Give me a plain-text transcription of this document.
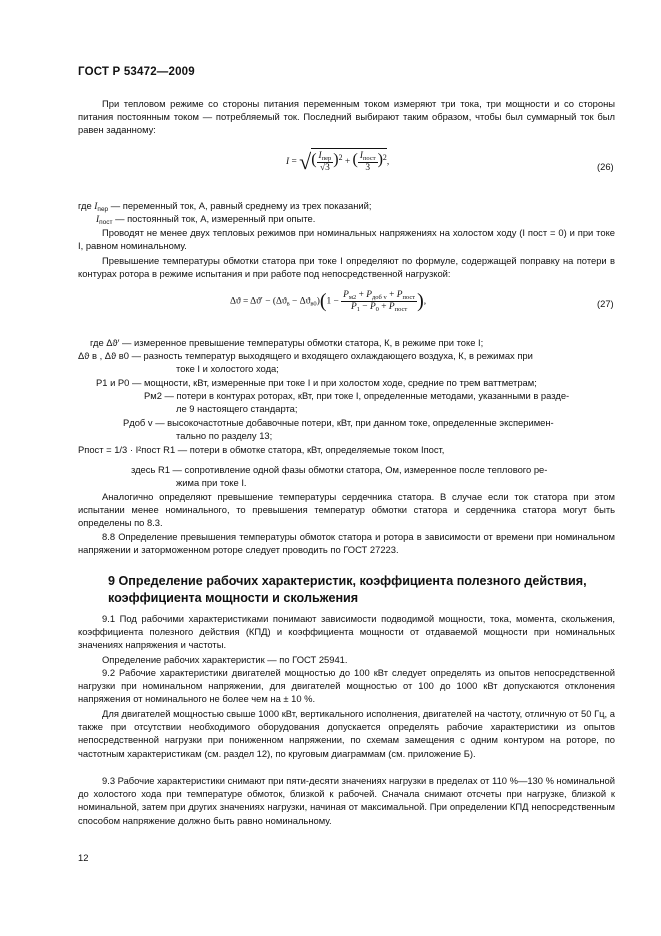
ГОСТ Р 53472—2009
При тепловом режиме со стороны питания переменным током измеряют три тока, три мощности и со стороны питания постоянным током — потребляемый ток. Последний выбирают таким образом, чтобы был суммарный ток был равен заданному:
I = √( $\frac{I_{пер}}{√3} )^2$ + ( $\frac{I_{пост}}{3} )^2$,	(26)
где $I_{пер}$ — переменный ток, А, равный среднему из трех показаний;
$I_{пост}$ — постоянный ток, А, измеренный при опыте.
Проводят не менее двух тепловых режимов при номинальных напряжениях на холостом ходу (I пост = 0) и при токе I, равном номинальному.
Превышение температуры обмотки статора при токе I определяют по формуле, содержащей поправку на потери в контурах ротора в режиме испытания и при работе под непосредственной нагрузкой:
$\Delta ϑ = \Delta ϑ' - (\Delta ϑ_в - \Delta ϑ_{в0})(1 - \frac{P_{м2} + P_{доб v} + P_{пост}}{P_1 - P_0 + P_{пост}}$ ),	(27)
где Δϑ′ — измеренное превышение температуры обмотки статора, К, в режиме при токе I;
Δϑ в , Δϑ в0 — разность температур выходящего и входящего охлаждающего воздуха, К, в режимах при
токе I и холостого хода;
P1 и P0 — мощности, кВт, измеренные при токе I и при холостом ходе, средние по трем ваттметрам;
Pм2 — потери в контурах роторах, кВт, при токе I, определенные методами, указанными в разде-
ле 9 настоящего стандарта;
Pдоб v — высокочастотные добавочные потери, кВт, при данном токе, определенные эксперимен-
тально по разделу 13;
Pпост = 1/3 · I²пост R1 — потери в обмотке статора, кВт, определяемые током Iпост,
здесь R1 — сопротивление одной фазы обмотки статора, Ом, измеренное после теплового ре-
жима при токе I.
Аналогично определяют превышение температуры сердечника статора. В случае если ток статора при этом испытании менее номинального, то превышения температур обмотки статора и сердечника статора могут быть определены по 8.3.
8.8 Определение превышения температуры обмоток статора и ротора в зависимости от времени при номинальном напряжении и заторможенном роторе следует проводить по ГОСТ 27223.
9 Определение рабочих характеристик, коэффициента полезного действия, коэффициента мощности и скольжения
9.1 Под рабочими характеристиками понимают зависимости подводимой мощности, тока, момента, скольжения, коэффициента полезного действия (КПД) и коэффициента мощности от отдаваемой мощности при номинальных значениях напряжения и частоты.
Определение рабочих характеристик — по ГОСТ 25941.
9.2 Рабочие характеристики двигателей мощностью до 100 кВт следует определять из опытов непосредственной нагрузки при номинальном напряжении, для двигателей мощностью от 100 до 1000 кВт допускаются отклонения напряжения от номинального не более чем на ± 10 %.
Для двигателей мощностью свыше 1000 кВт, вертикального исполнения, двигателей на частоту, отличную от 50 Гц, а также при отсутствии необходимого оборудования допускается определять рабочие характеристики из опытов непосредственной нагрузки при пониженном напряжении, по схемам замещения с одним контуром на роторе, по частотным характеристикам (см. раздел 12), по круговым диаграммам (см. приложение Б).
9.3 Рабочие характеристики снимают при пяти-десяти значениях нагрузки в пределах от 110 %—130 % номинальной до холостого хода при температуре обмоток, близкой к рабочей. Сначала снимают отсчеты при нагрузке, близкой к номинальной, затем при других значениях нагрузки, начиная от максимальной. При определении КПД непосредственным способом напряжение должно быть равно номинальному.
12
